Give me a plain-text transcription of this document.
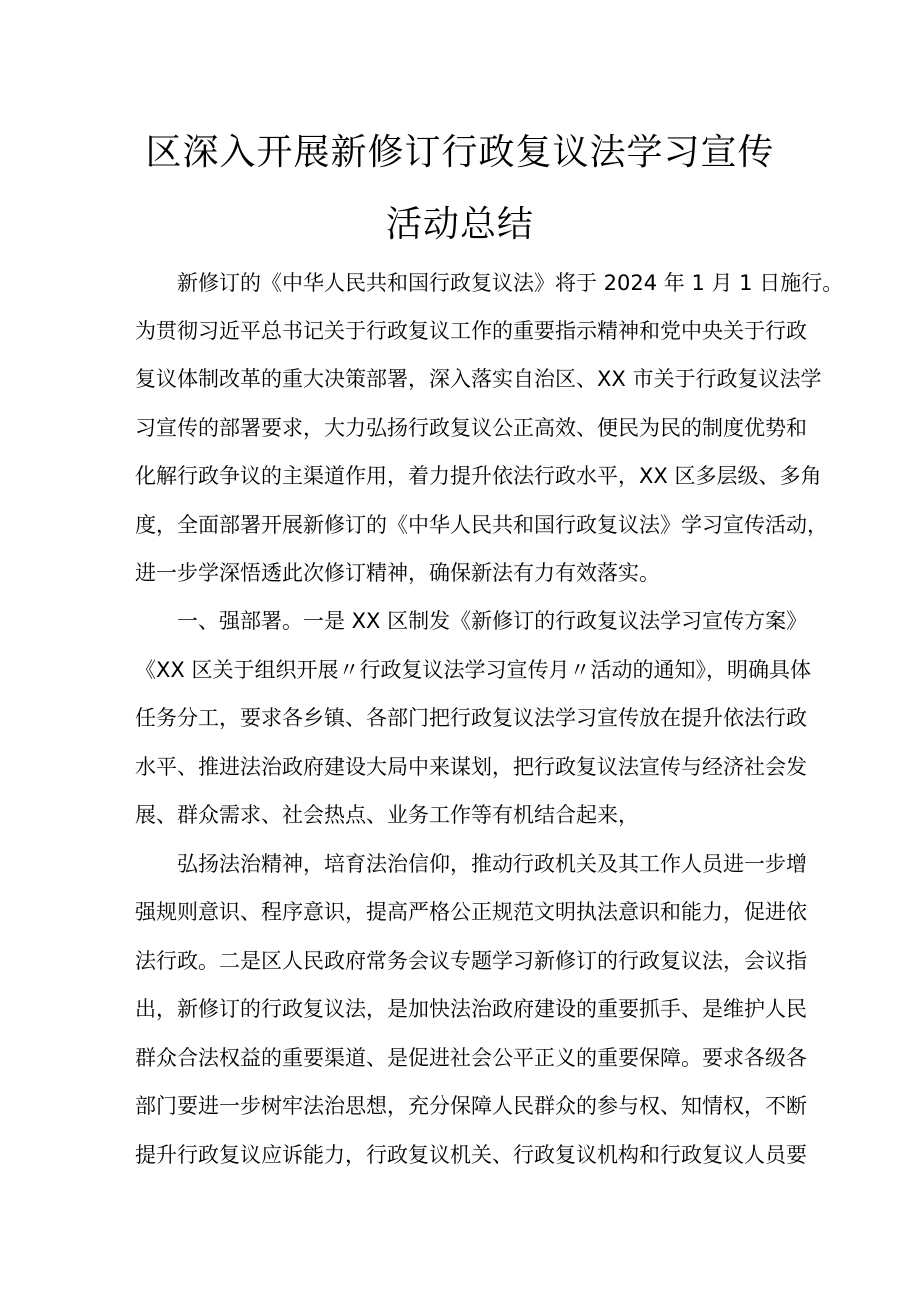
区深入开展新修订行政复议法学习宣传
活动总结

新修订的《中华人民共和国行政复议法》将于 2024 年 1 月 1 日施行。

为贯彻习近平总书记关于行政复议工作的重要指示精神和党中央关于行政

复议体制改革的重大决策部署，深入落实自治区、XX 市关于行政复议法学

习宣传的部署要求，大力弘扬行政复议公正高效、便民为民的制度优势和

化解行政争议的主渠道作用，着力提升依法行政水平，XX 区多层级、多角

度，全面部署开展新修订的《中华人民共和国行政复议法》学习宣传活动，

进一步学深悟透此次修订精神，确保新法有力有效落实。

一、强部署。一是 XX 区制发《新修订的行政复议法学习宣传方案》

《XX 区关于组织开展〃行政复议法学习宣传月〃活动的通知》，明确具体

任务分工，要求各乡镇、各部门把行政复议法学习宣传放在提升依法行政

水平、推进法治政府建设大局中来谋划，把行政复议法宣传与经济社会发

展、群众需求、社会热点、业务工作等有机结合起来，

弘扬法治精神，培育法治信仰，推动行政机关及其工作人员进一步增

强规则意识、程序意识，提高严格公正规范文明执法意识和能力，促进依

法行政。二是区人民政府常务会议专题学习新修订的行政复议法，会议指

出，新修订的行政复议法，是加快法治政府建设的重要抓手、是维护人民

群众合法权益的重要渠道、是促进社会公平正义的重要保障。要求各级各

部门要进一步树牢法治思想，充分保障人民群众的参与权、知情权，不断

提升行政复议应诉能力，行政复议机关、行政复议机构和行政复议人员要
